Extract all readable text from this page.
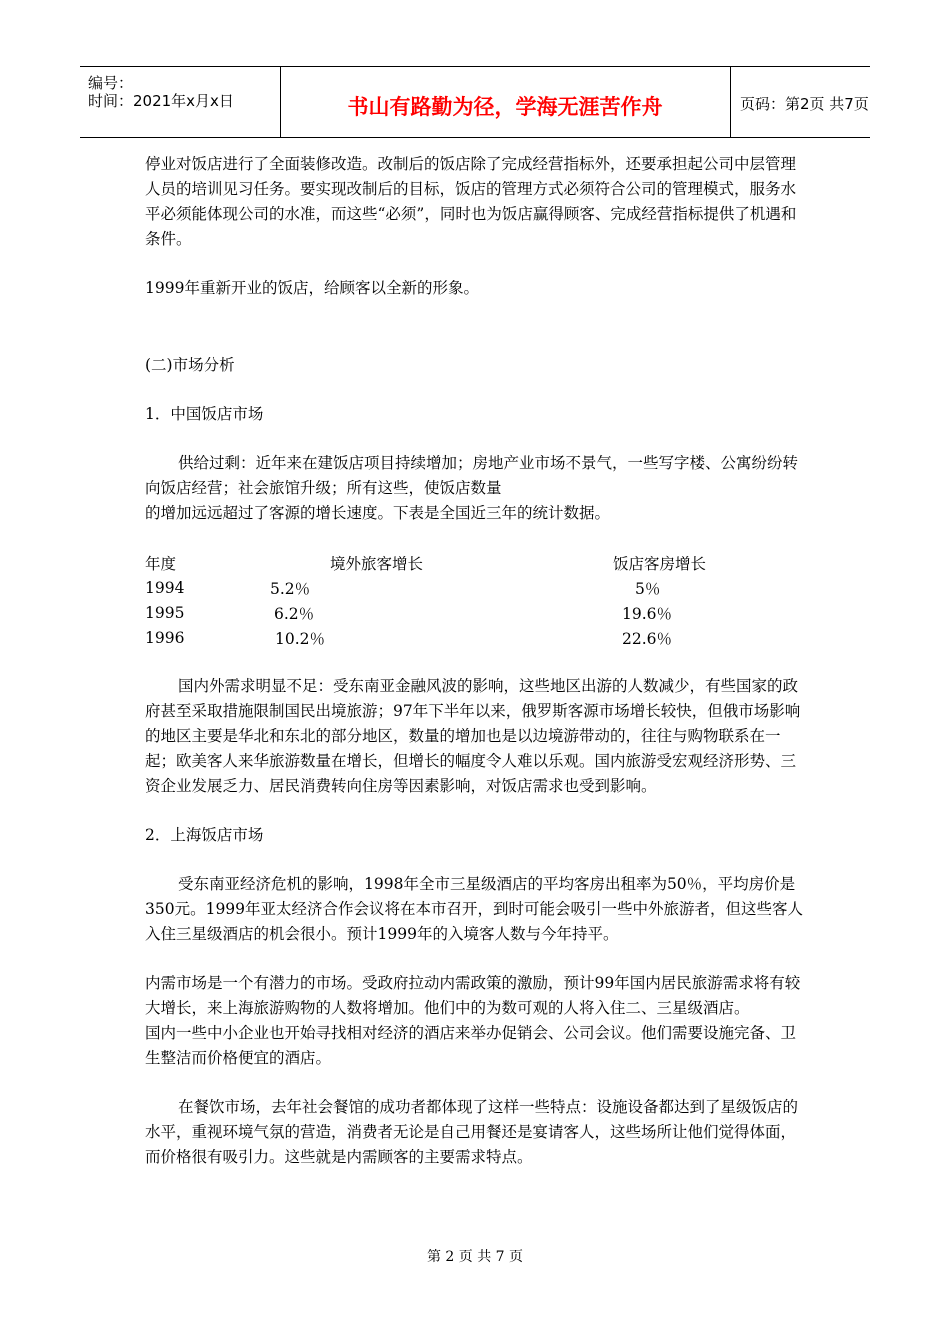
编号：
时间：2021年x月x日	书山有路勤为径，学海无涯苦作舟	页码：第2页 共7页

停业对饭店进行了全面装修改造。改制后的饭店除了完成经营指标外，还要承担起公司中层管理人员的培训见习任务。要实现改制后的目标，饭店的管理方式必须符合公司的管理模式，服务水平必须能体现公司的水准，而这些“必须”，同时也为饭店赢得顾客、完成经营指标提供了机遇和条件。

1999年重新开业的饭店，给顾客以全新的形象。

(二)市场分析

1．中国饭店市场

供给过剩：近年来在建饭店项目持续增加；房地产业市场不景气，一些写字楼、公寓纷纷转向饭店经营；社会旅馆升级；所有这些，使饭店数量

的增加远远超过了客源的增长速度。下表是全国近三年的统计数据。

年度	境外旅客增长	饭店客房增长
1994	5.2％	5％
1995	6.2％	19.6％
1996	10.2％	22.6％

国内外需求明显不足：受东南亚金融风波的影响，这些地区出游的人数减少，有些国家的政府甚至采取措施限制国民出境旅游；97年下半年以来，俄罗斯客源市场增长较快，但俄市场影响的地区主要是华北和东北的部分地区，数量的增加也是以边境游带动的，往往与购物联系在一起；欧美客人来华旅游数量在增长，但增长的幅度令人难以乐观。国内旅游受宏观经济形势、三资企业发展乏力、居民消费转向住房等因素影响，对饭店需求也受到影响。

2．上海饭店市场

受东南亚经济危机的影响，1998年全市三星级酒店的平均客房出租率为50％，平均房价是350元。1999年亚太经济合作会议将在本市召开，到时可能会吸引一些中外旅游者，但这些客人入住三星级酒店的机会很小。预计1999年的入境客人数与今年持平。

内需市场是一个有潜力的市场。受政府拉动内需政策的激励，预计99年国内居民旅游需求将有较大增长，来上海旅游购物的人数将增加。他们中的为数可观的人将入住二、三星级酒店。

国内一些中小企业也开始寻找相对经济的酒店来举办促销会、公司会议。他们需要设施完备、卫生整洁而价格便宜的酒店。

在餐饮市场，去年社会餐馆的成功者都体现了这样一些特点：设施设备都达到了星级饭店的水平，重视环境气氛的营造，消费者无论是自己用餐还是宴请客人，这些场所让他们觉得体面，而价格很有吸引力。这些就是内需顾客的主要需求特点。

第 2 页 共 7 页
